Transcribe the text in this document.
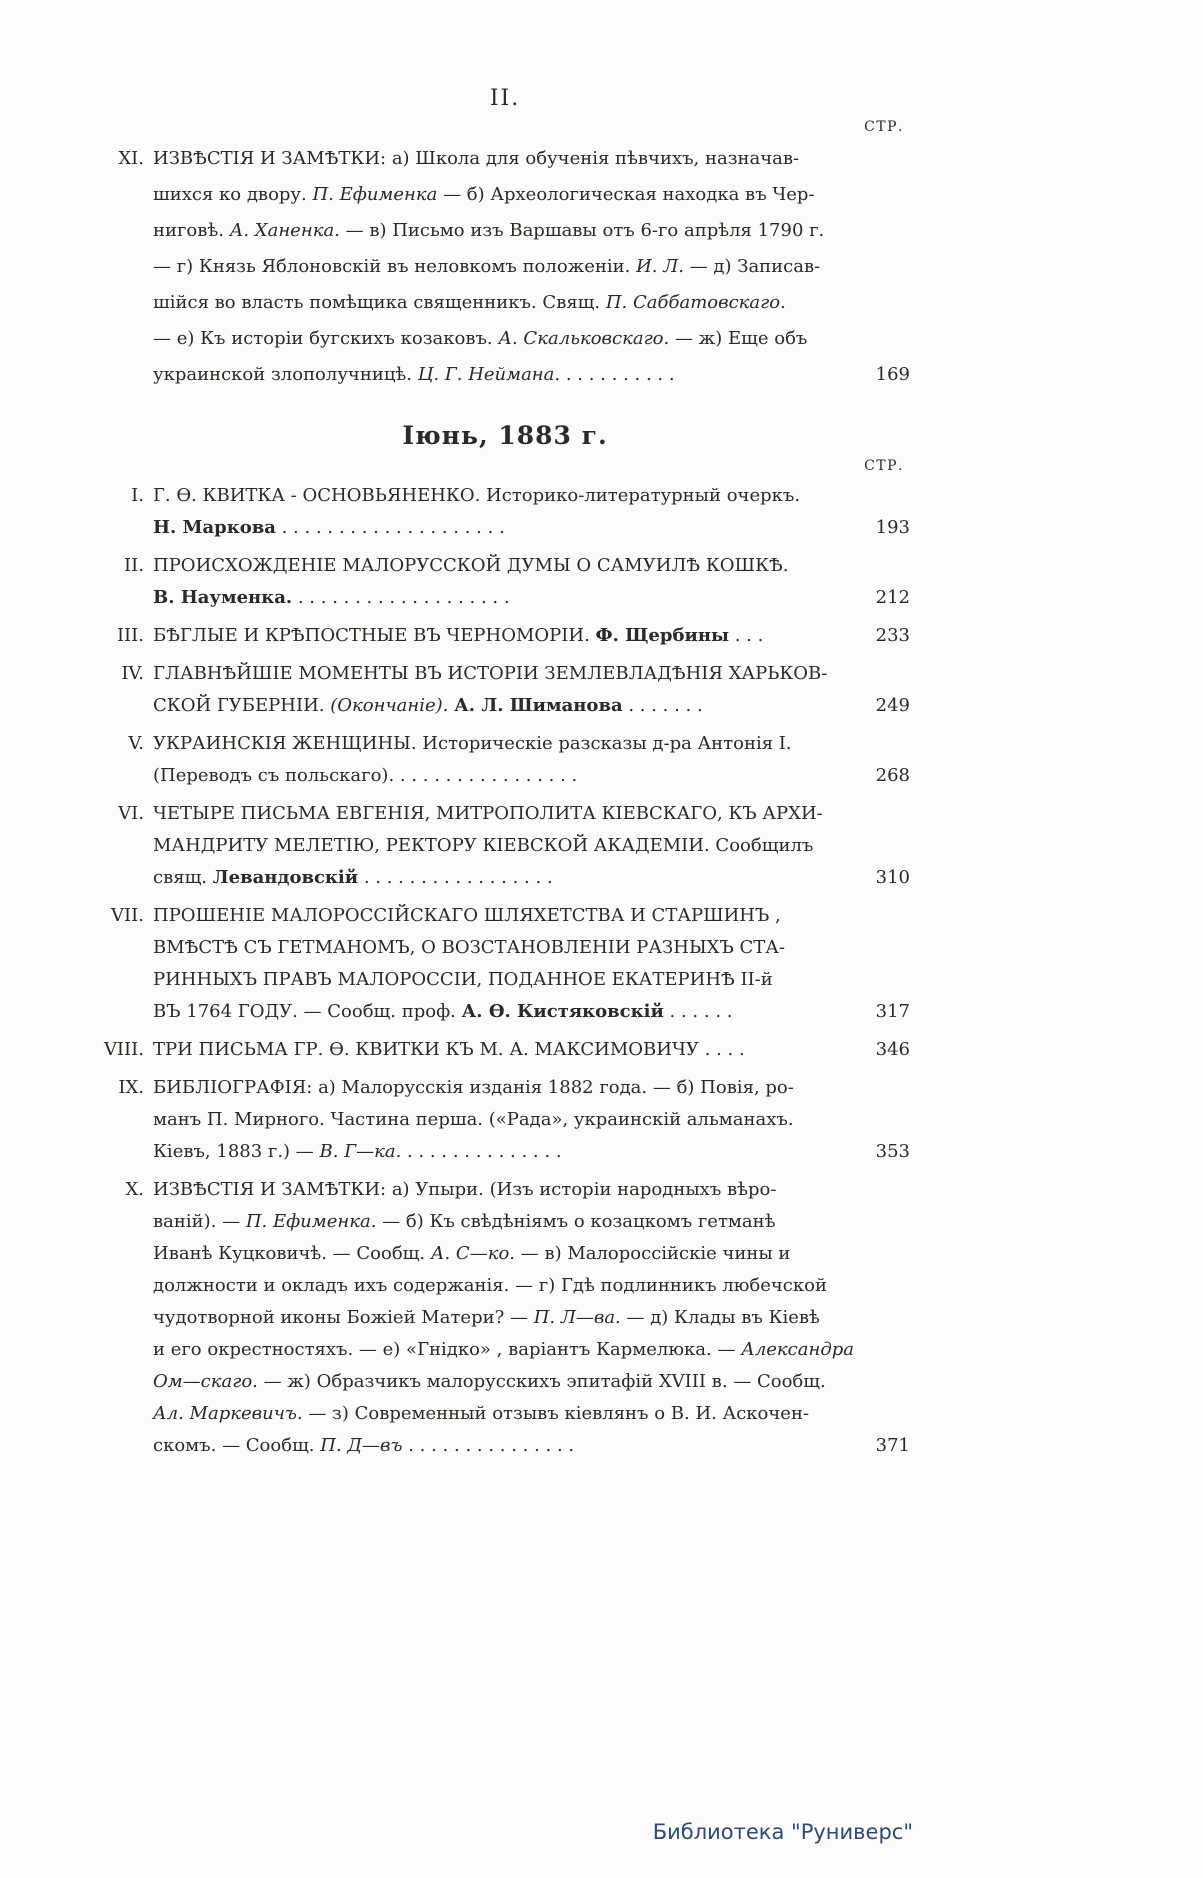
II.
СТР.
XI. ИЗВѢСТІЯ И ЗАМѢТКИ: а) Школа для обученія пѣвчихъ, назначав-
шихся ко двору. П. Ефименка — б) Археологическая находка въ Чер-
ниговѣ. А. Ханенка. — в) Письмо изъ Варшавы отъ 6-го апрѣля 1790 г.
— г) Князь Яблоновскій въ неловкомъ положеніи. И. Л. — д) Записав-
шійся во власть помѣщика священникъ. Свящ. П. Саббатовскаго.
— е) Къ исторіи бугскихъ козаковъ. А. Скальковскаго. — ж) Еще объ
украинской злополучницѣ. Ц. Г. Неймана. . . . . . . . . . .	169
Іюнь, 1883 г.
СТР.
I. Г. Ѳ. КВИТКА - ОСНОВЬЯНЕНКО. Историко-литературный очеркъ.
Н. Маркова . . . . . . . . . . . . . . . . . . . .	193
II. ПРОИСХОЖДЕНІЕ МАЛОРУССКОЙ ДУМЫ О САМУИЛѢ КОШКѢ.
В. Науменка. . . . . . . . . . . . . . . . . . . .	212
III. БѢГЛЫЕ И КРѢПОСТНЫЕ ВЪ ЧЕРНОМОРІИ. Ф. Щербины . . .	233
IV. ГЛАВНѢЙШІЕ МОМЕНТЫ ВЪ ИСТОРІИ ЗЕМЛЕВЛАДѢНІЯ ХАРЬКОВ-
СКОЙ ГУБЕРНІИ. (Окончаніе). А. Л. Шиманова . . . . . . .	249
V. УКРАИНСКІЯ ЖЕНЩИНЫ. Историческіе разсказы д-ра Антонія І.
(Переводъ съ польскаго). . . . . . . . . . . . . . . . .	268
VI. ЧЕТЫРЕ ПИСЬМА ЕВГЕНІЯ, МИТРОПОЛИТА КІЕВСКАГО, КЪ АРХИ-
МАНДРИТУ МЕЛЕТІЮ, РЕКТОРУ КІЕВСКОЙ АКАДЕМІИ. Сообщилъ
свящ. Левандовскій . . . . . . . . . . . . . . . . .	310
VII. ПРОШЕНІЕ МАЛОРОССІЙСКАГО ШЛЯХЕТСТВА И СТАРШИНЪ ,
ВМѢСТѢ СЪ ГЕТМАНОМЪ, О ВОЗСТАНОВЛЕНІИ РАЗНЫХЪ СТА-
РИННЫХЪ ПРАВЪ МАЛОРОССІИ, ПОДАННОЕ ЕКАТЕРИНѢ II-й
ВЪ 1764 ГОДУ. — Сообщ. проф. А. Ѳ. Кистяковскій . . . . . .	317
VIII. ТРИ ПИСЬМА ГР. Ѳ. КВИТКИ КЪ М. А. МАКСИМОВИЧУ . . . .	346
IX. БИБЛІОГРАФІЯ: а) Малорусскія изданія 1882 года. — б) Повія, ро-
манъ П. Мирного. Частина перша. («Рада», украинскій альманахъ.
Кіевъ, 1883 г.) — В. Г—ка. . . . . . . . . . . . . . .	353
X. ИЗВѢСТІЯ И ЗАМѢТКИ: а) Упыри. (Изъ исторіи народныхъ вѣро-
ваній). — П. Ефименка. — б) Къ свѣдѣніямъ о козацкомъ гетманѣ
Иванѣ Куцковичѣ. — Сообщ. А. С—ко. — в) Малороссійскіе чины и
должности и окладъ ихъ содержанія. — г) Гдѣ подлинникъ любечской
чудотворной иконы Божіей Матери? — П. Л—ва. — д) Клады въ Кіевѣ
и его окрестностяхъ. — е) «Гнідко» , варіантъ Кармелюка. — Александра
Ом—скаго. — ж) Образчикъ малорусскихъ эпитафій XVIII в. — Сообщ.
Ал. Маркевичъ. — з) Современный отзывъ кіевлянъ о В. И. Аскочен-
скомъ. — Сообщ. П. Д—въ . . . . . . . . . . . . . . .	371
Библиотека "Руниверс"
